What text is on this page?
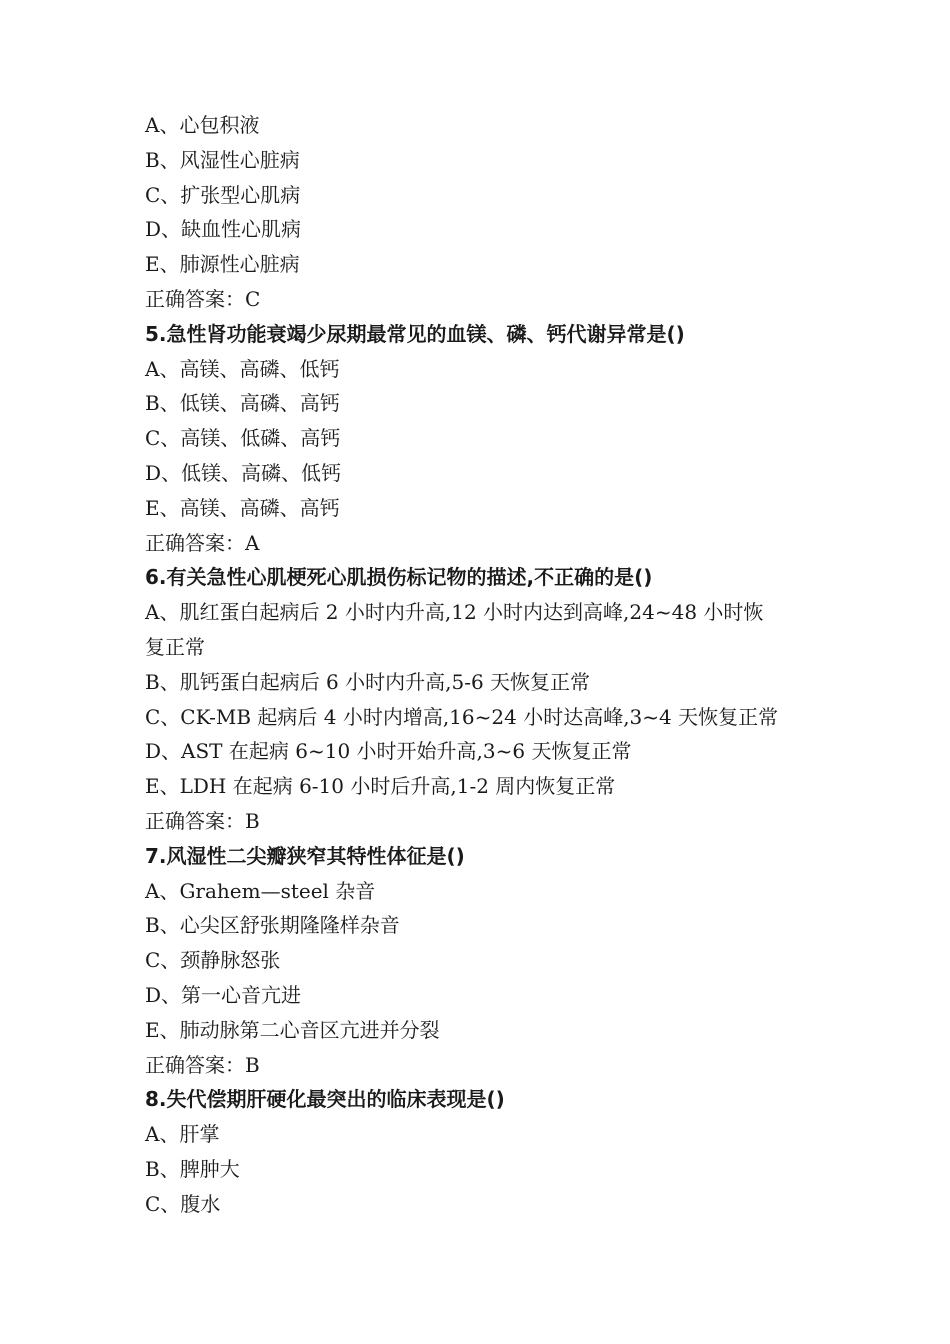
A、心包积液
B、风湿性心脏病
C、扩张型心肌病
D、缺血性心肌病
E、肺源性心脏病
正确答案：C
5.急性肾功能衰竭少尿期最常见的血镁、磷、钙代谢异常是()
A、高镁、高磷、低钙
B、低镁、高磷、高钙
C、高镁、低磷、高钙
D、低镁、高磷、低钙
E、高镁、高磷、高钙
正确答案：A
6.有关急性心肌梗死心肌损伤标记物的描述,不正确的是()
A、肌红蛋白起病后 2 小时内升高,12 小时内达到高峰,24~48 小时恢
复正常
B、肌钙蛋白起病后 6 小时内升高,5-6 天恢复正常
C、CK-MB 起病后 4 小时内增高,16~24 小时达高峰,3~4 天恢复正常
D、AST 在起病 6~10 小时开始升高,3~6 天恢复正常
E、LDH 在起病 6-10 小时后升高,1-2 周内恢复正常
正确答案：B
7.风湿性二尖瓣狭窄其特性体征是()
A、Grahem—steel 杂音
B、心尖区舒张期隆隆样杂音
C、颈静脉怒张
D、第一心音亢进
E、肺动脉第二心音区亢进并分裂
正确答案：B
8.失代偿期肝硬化最突出的临床表现是()
A、肝掌
B、脾肿大
C、腹水
